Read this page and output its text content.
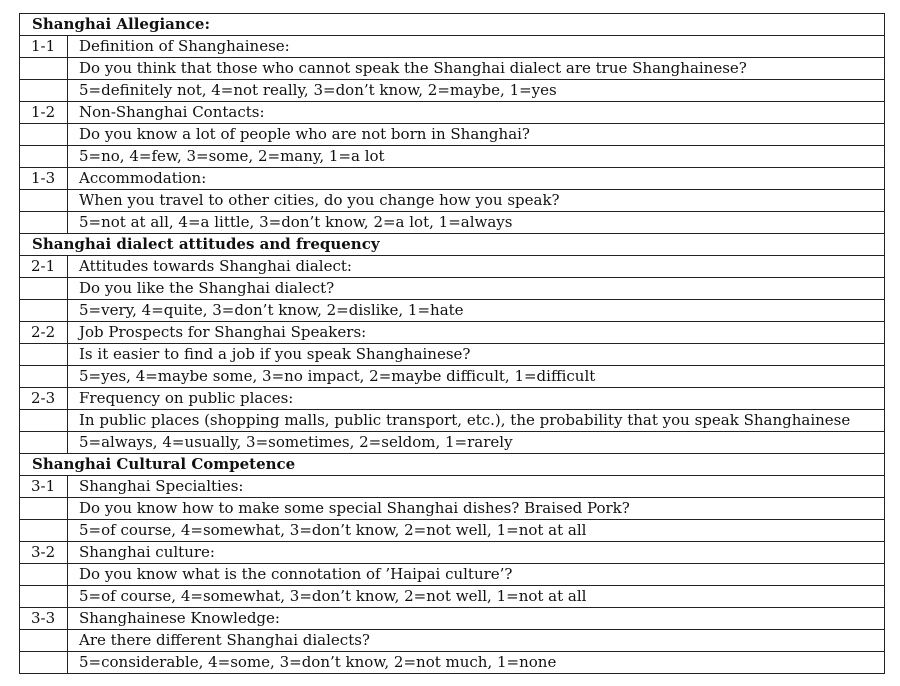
Shanghai Allegiance:	
1-1	Definition of Shanghainese:
	Do you think that those who cannot speak the Shanghai dialect are true Shanghainese?
	5=definitely not, 4=not really, 3=don’t know, 2=maybe, 1=yes
1-2	Non-Shanghai Contacts:
	Do you know a lot of people who are not born in Shanghai?
	5=no, 4=few, 3=some, 2=many, 1=a lot
1-3	Accommodation:
	When you travel to other cities, do you change how you speak?
	5=not at all, 4=a little, 3=don’t know, 2=a lot, 1=always
Shanghai dialect attitudes and frequency	
2-1	Attitudes towards Shanghai dialect:
	Do you like the Shanghai dialect?
	5=very, 4=quite, 3=don’t know, 2=dislike, 1=hate
2-2	Job Prospects for Shanghai Speakers:
	Is it easier to find a job if you speak Shanghainese?
	5=yes, 4=maybe some, 3=no impact, 2=maybe difficult, 1=difficult
2-3	Frequency on public places:
	In public places (shopping malls, public transport, etc.), the probability that you speak Shanghainese
	5=always, 4=usually, 3=sometimes, 2=seldom, 1=rarely
Shanghai Cultural Competence	
3-1	Shanghai Specialties:
	Do you know how to make some special Shanghai dishes? Braised Pork?
	5=of course, 4=somewhat, 3=don’t know, 2=not well, 1=not at all
3-2	Shanghai culture:
	Do you know what is the connotation of ’Haipai culture’?
	5=of course, 4=somewhat, 3=don’t know, 2=not well, 1=not at all
3-3	Shanghainese Knowledge:
	Are there different Shanghai dialects?
	5=considerable, 4=some, 3=don’t know, 2=not much, 1=none
